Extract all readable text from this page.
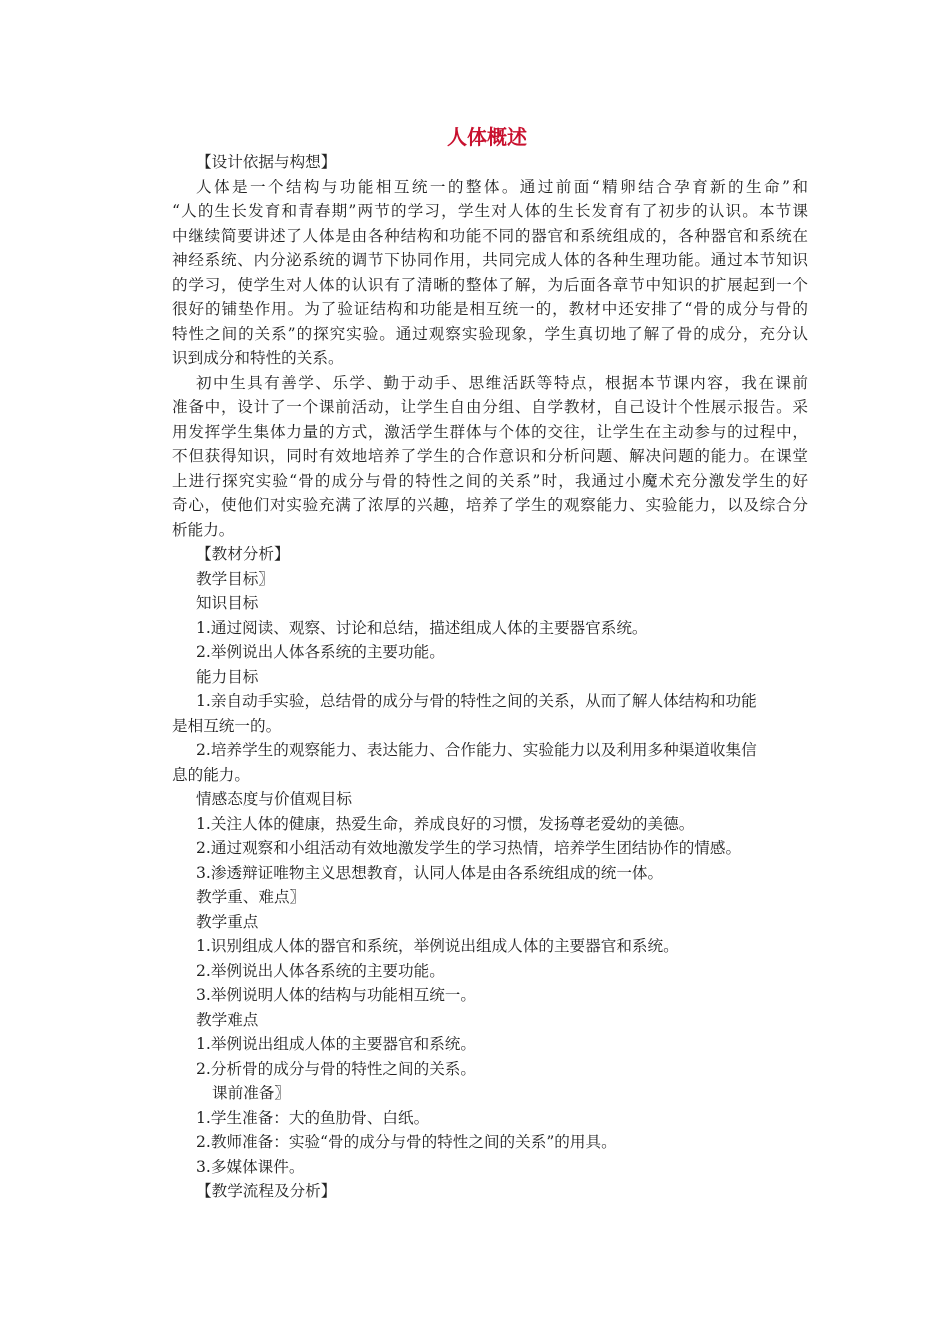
人体概述

【设计依据与构想】

人体是一个结构与功能相互统一的整体。通过前面“精卵结合孕育新的生命”和

“人的生长发育和青春期”两节的学习，学生对人体的生长发育有了初步的认识。本节课

中继续简要讲述了人体是由各种结构和功能不同的器官和系统组成的，各种器官和系统在

神经系统、内分泌系统的调节下协同作用，共同完成人体的各种生理功能。通过本节知识

的学习，使学生对人体的认识有了清晰的整体了解，为后面各章节中知识的扩展起到一个

很好的铺垫作用。为了验证结构和功能是相互统一的，教材中还安排了“骨的成分与骨的

特性之间的关系”的探究实验。通过观察实验现象，学生真切地了解了骨的成分，充分认

识到成分和特性的关系。

初中生具有善学、乐学、勤于动手、思维活跃等特点，根据本节课内容，我在课前

准备中，设计了一个课前活动，让学生自由分组、自学教材，自己设计个性展示报告。采

用发挥学生集体力量的方式，激活学生群体与个体的交往，让学生在主动参与的过程中，

不但获得知识，同时有效地培养了学生的合作意识和分析问题、解决问题的能力。在课堂

上进行探究实验“骨的成分与骨的特性之间的关系”时，我通过小魔术充分激发学生的好

奇心，使他们对实验充满了浓厚的兴趣，培养了学生的观察能力、实验能力，以及综合分

析能力。

【教材分析】

教学目标〗

知识目标

1.通过阅读、观察、讨论和总结，描述组成人体的主要器官系统。

2.举例说出人体各系统的主要功能。

能力目标

1.亲自动手实验，总结骨的成分与骨的特性之间的关系，从而了解人体结构和功能

是相互统一的。

2.培养学生的观察能力、表达能力、合作能力、实验能力以及利用多种渠道收集信

息的能力。

情感态度与价值观目标

1.关注人体的健康，热爱生命，养成良好的习惯，发扬尊老爱幼的美德。

2.通过观察和小组活动有效地激发学生的学习热情，培养学生团结协作的情感。

3.渗透辩证唯物主义思想教育，认同人体是由各系统组成的统一体。

教学重、难点〗

教学重点

1.识别组成人体的器官和系统，举例说出组成人体的主要器官和系统。

2.举例说出人体各系统的主要功能。

3.举例说明人体的结构与功能相互统一。

教学难点

1.举例说出组成人体的主要器官和系统。

2.分析骨的成分与骨的特性之间的关系。

课前准备〗

1.学生准备：大的鱼肋骨、白纸。

2.教师准备：实验“骨的成分与骨的特性之间的关系”的用具。

3.多媒体课件。

【教学流程及分析】
